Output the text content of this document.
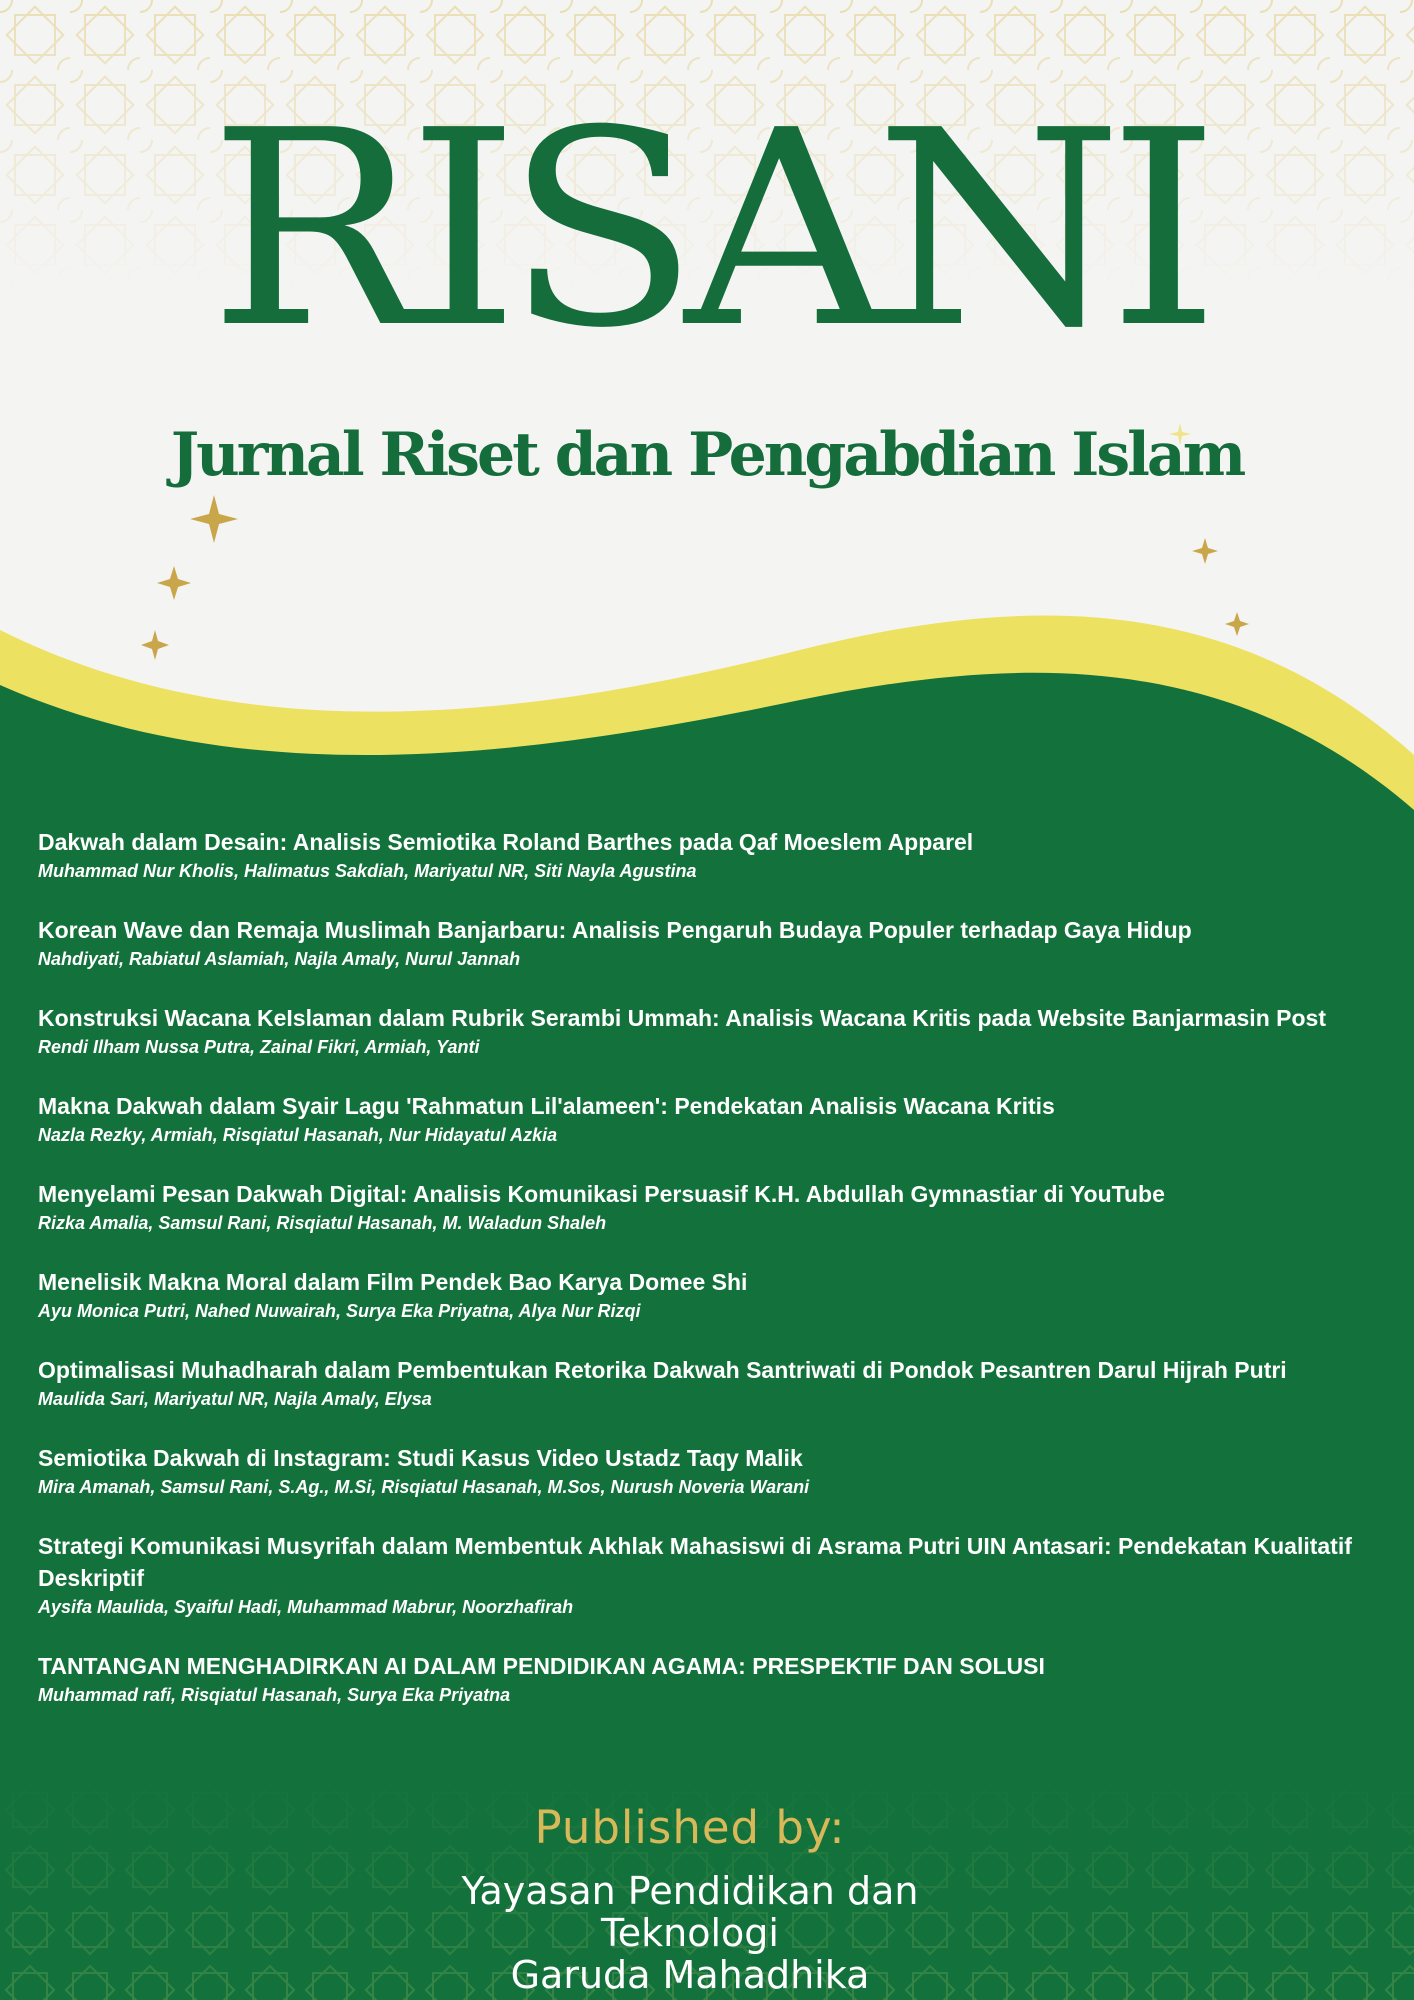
RISANI
Jurnal Riset dan Pengabdian Islam
Dakwah dalam Desain: Analisis Semiotika Roland Barthes pada Qaf Moeslem Apparel
Muhammad Nur Kholis, Halimatus Sakdiah, Mariyatul NR, Siti Nayla Agustina
Korean Wave dan Remaja Muslimah Banjarbaru: Analisis Pengaruh Budaya Populer terhadap Gaya Hidup
Nahdiyati, Rabiatul Aslamiah, Najla Amaly, Nurul Jannah
Konstruksi Wacana KeIslaman dalam Rubrik Serambi Ummah: Analisis Wacana Kritis pada Website Banjarmasin Post
Rendi Ilham Nussa Putra, Zainal Fikri, Armiah, Yanti
Makna Dakwah dalam Syair Lagu 'Rahmatun Lil'alameen': Pendekatan Analisis Wacana Kritis
Nazla Rezky, Armiah, Risqiatul Hasanah, Nur Hidayatul Azkia
Menyelami Pesan Dakwah Digital: Analisis Komunikasi Persuasif K.H. Abdullah Gymnastiar di YouTube
Rizka Amalia, Samsul Rani, Risqiatul Hasanah, M. Waladun Shaleh
Menelisik Makna Moral dalam Film Pendek Bao Karya Domee Shi
Ayu Monica Putri, Nahed Nuwairah, Surya Eka Priyatna, Alya Nur Rizqi
Optimalisasi Muhadharah dalam Pembentukan Retorika Dakwah Santriwati di Pondok Pesantren Darul Hijrah Putri
Maulida Sari, Mariyatul NR, Najla Amaly, Elysa
Semiotika Dakwah di Instagram: Studi Kasus Video Ustadz Taqy Malik
Mira Amanah, Samsul Rani, S.Ag., M.Si, Risqiatul Hasanah, M.Sos, Nurush Noveria Warani
Strategi Komunikasi Musyrifah dalam Membentuk Akhlak Mahasiswi di Asrama Putri UIN Antasari: Pendekatan Kualitatif Deskriptif
Aysifa Maulida, Syaiful Hadi, Muhammad Mabrur, Noorzhafirah
TANTANGAN MENGHADIRKAN AI DALAM PENDIDIKAN AGAMA: PRESPEKTIF DAN SOLUSI
Muhammad rafi, Risqiatul Hasanah, Surya Eka Priyatna
Published by:
Yayasan Pendidikan dan Teknologi
Garuda Mahadhika
